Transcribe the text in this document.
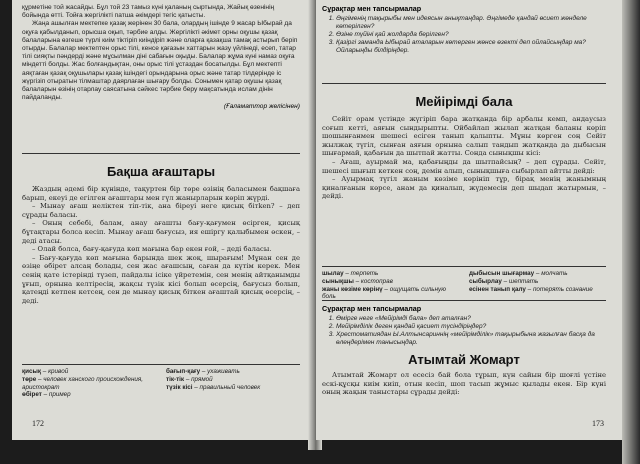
құрметіне той жасайды. Бұл той 23 тамыз күні қаланың сыртында, Жайық өзенінің бойында өтті. Тойға жергілікті патша әкімдері тегіс қатысты.

Жаңа ашылған мектепке қазақ жерінен 30 бала, олардың ішінде 9 жасар Ыбырай да оқуға қабылданып, орысша оқып, тәрбие алды. Жергілікті әкімет орны оқушы қазақ балаларына өзгеше түрлі киім тіктіріп киіндіріп және оларға қазақша тамақ астырып беріп отырды. Балалар мектептен орыс тілі, кенсе қағазын хаттарын жазу үйлінеді, есеп, татар тілі сияқты пәндерді және мұсылман діні сабағын оқыды. Балалар жұма күні намаз оқуға міндетті болды. Жас болғандықтан, оны орыс тілі ұстаздан босатылды. Бұл мектепті аяқтаған қазақ оқушылары қазақ ішіндегі орындарына орыс және татар тілдерінде іс жүргізіп отыратын тілмаштар даярлаған шығару болды. Сонымен қатар оқушы қазақ балаларын өзінің отарлау саясатына сәйкес тәрбие беру мақсатында ислам дінін пайдаланды.

(Ғаламаттор желісінен)

Бақша ағаштары

Жаздың әдемі бір күнінде, тақуртен бір төре өзінің баласымен бақшаға барып, екеуі де егілген ағаштары мен гүл жанырларын көріп жүрді.

– Мынау ағаш неліктен тіп-тік, ана біреуі неге қисық бітken? – деп сұрады баласы.

– Оның себебі, балам, анау ағашты бағу-қағумен өсірген, қисық бұтақтары болса кесіп. Мынау ағаш бағусыз, ия ешіргу қалыбымен өскен, – деді атасы.

– Олай болса, бағу-қағуда көп мағына бар екен ғой, – деді баласы.

– Бағу-қағуда көп мағына барында шек жоқ, шырағым! Мұнан сен де өзіңе өбірет алсаң болады, сен жас ағашсың, саған да күтім керек. Мен сенің қате істерінді түзеп, пайдалы ісіке үйретемін, сен менің айтқанымды ұғып, орнына келтіресің, жақсы түзік кісі болып өсерсің, бағусыз болып, қатеңді кетпен кетсең, сен де мынау қисық біткен ағаштай қисық өсерсің, – деді.

қисық – кривой
төре – человек ханского происхождения, аристократ
өбірет – пример
бағып-қағу – ухаживать
тік-тік – прямой
түзік кісі – правильный человек
172
Сұрақтар мен тапсырмалар
1. Әңгіменің тақырыбы мен идеясын анықтаңдар. Әңгімеде қандай өсиет жөнделе көтерілген?
2. Өзіне түйіні қай жолдарда берілген?
3. Қазіргі заманда Ыбырай аталарын көтерген жөнсе өзекті деп ойлайсыңдар ма? Ойларыңды білдіріңдер.
Мейірімді бала

Сейіт орам үстінде жүгіріп бара жатқанда бір арбалы кемп, андаусыз соғып кетті, аяғын сындырыпты. Ойбайлап жылап жатқан баланы көріп шошынғанмен шешесі есіген танып қалыпты. Мұны көрген соң Сейіт жылжақ түгіл, сынған аяғын орнына салып тандып жатқанда да дыбысын шығармай, қабағын да шытпай жатты. Сонда сынықшы кісі:

– Ағаш, ауырмай ма, қабағыңды да шытпайсың? – деп сұрады. Сейіт, шешесі шығып кеткен соң, демін алып, сынықшыға сыбырлап айтты дейді:

– Ауырмақ түгіл жаным көзіме көрініп тұр, бірақ менің жанымның қиналғанын көрсе, анам да қиналып, жүдемесін деп шыдап жатырмын, – дейді.

шылау – терпеть
сынықшы – костоправ
жаны көзіме көрінү – ощущать сильную боль
дыбысын шығармау – молчать
сыбырлау – шептать
есінен танып қалу – потерять сознание
Сұрақтар мен тапсырмалар
1. Өмірге неге «Мейірімді бала» деп аталған?
2. Мейірімділік деген қандай қасиет түсіндіріңдер?
3. Хрестоматиядан Ы.Алтынсариннің «мейірімділік» тақырыбына жазылған басқа да өлеңдерімен танысыңдар.
Атымтай Жомарт

Атымтай Жомарт ол есесіз бай бола тұрып, күн сайын бір шоғлі үстіне ескі-құсқы киім киіп, отын кесіп, шоп тасып жұмыс қылады екен. Бір күні оның жақын таныстары сұрады дейді:

173
